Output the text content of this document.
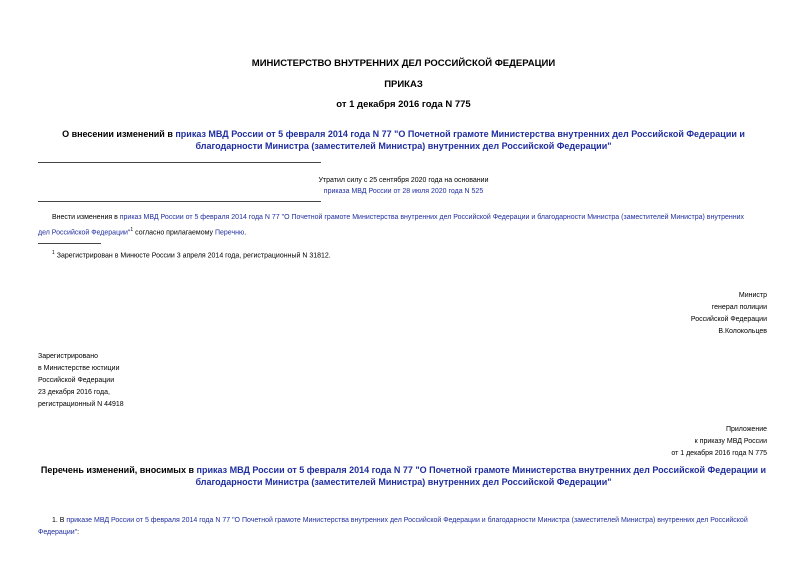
МИНИСТЕРСТВО ВНУТРЕННИХ ДЕЛ РОССИЙСКОЙ ФЕДЕРАЦИИ
ПРИКАЗ
от 1 декабря 2016 года N 775
О внесении изменений в приказ МВД России от 5 февраля 2014 года N 77 "О Почетной грамоте Министерства внутренних дел Российской Федерации и
благодарности Министра (заместителей Министра) внутренних дел Российской Федерации"
Утратил силу с 25 сентября 2020 года на основании
приказа МВД России от 28 июля 2020 года N 525
Внести изменения в приказ МВД России от 5 февраля 2014 года N 77 "О Почетной грамоте Министерства внутренних дел Российской Федерации и благодарности Министра (заместителей Министра) внутренних
дел Российской Федерации"$^1$ согласно прилагаемому Перечню.
$^1$ Зарегистрирован в Минюсте России 3 апреля 2014 года, регистрационный N 31812.
Министр
генерал полиции
Российской Федерации
В.Колокольцев
Зарегистрировано
в Министерстве юстиции
Российской Федерации
23 декабря 2016 года,
регистрационный N 44918
Приложение
к приказу МВД России
от 1 декабря 2016 года N 775
Перечень изменений, вносимых в приказ МВД России от 5 февраля 2014 года N 77 "О Почетной грамоте Министерства внутренних дел Российской Федерации и
благодарности Министра (заместителей Министра) внутренних дел Российской Федерации"
1. В приказе МВД России от 5 февраля 2014 года N 77 "О Почетной грамоте Министерства внутренних дел Российской Федерации и благодарности Министра (заместителей Министра) внутренних дел Российской
Федерации":
